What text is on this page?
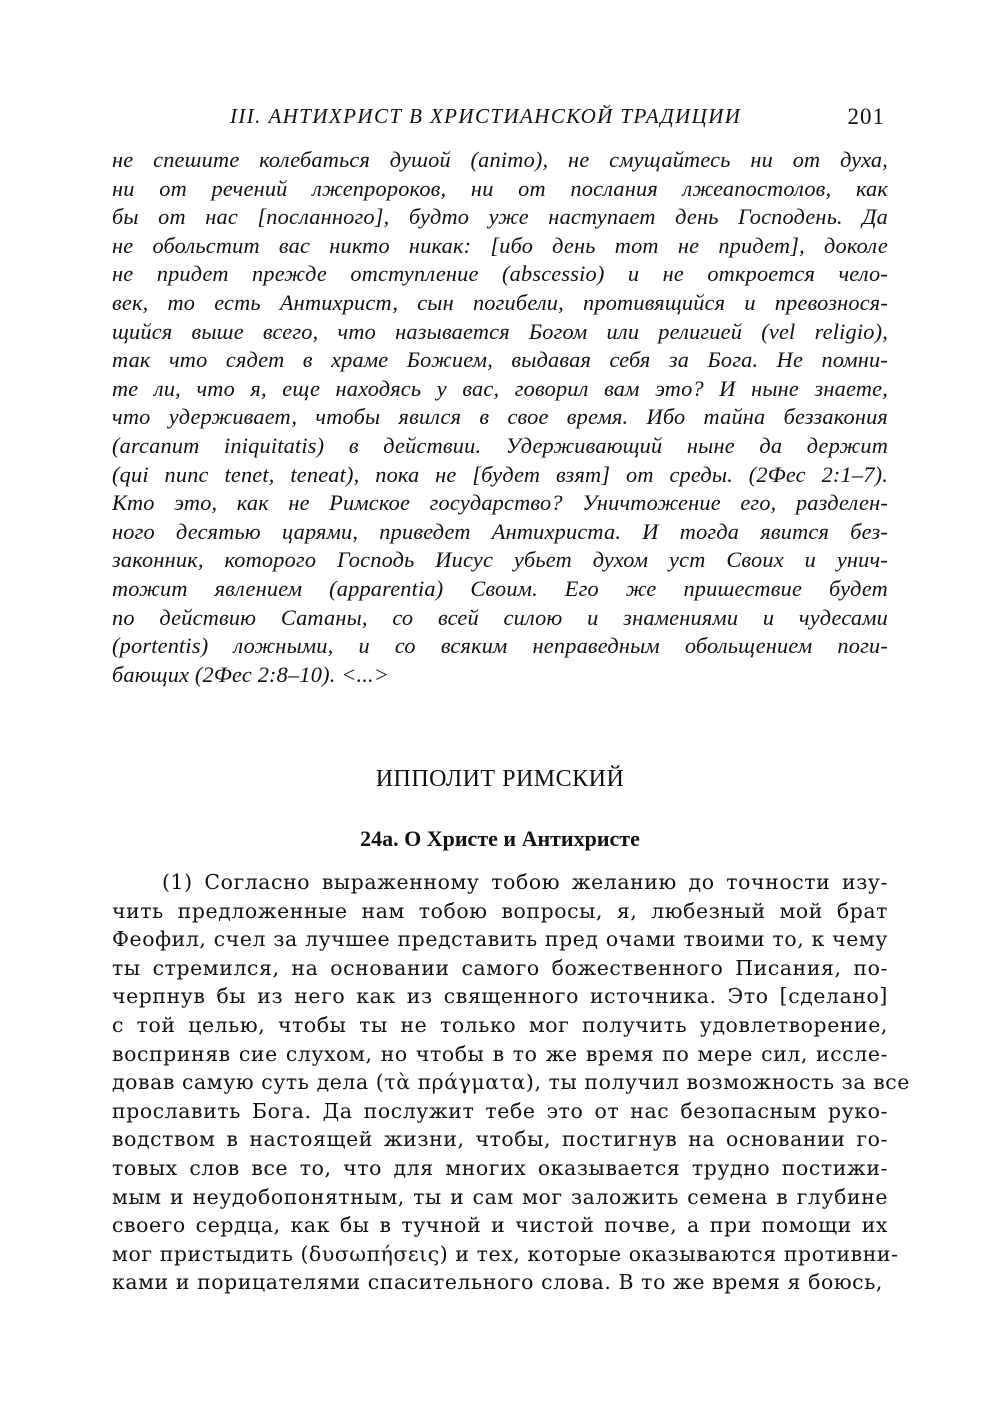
III. АНТИХРИСТ В ХРИСТИАНСКОЙ ТРАДИЦИИ	201
не спешите колебаться душой (animo), не смущайтесь ни от духа,
ни от речений лжепророков, ни от послания лжеапостолов, как
бы от нас [посланного], будто уже наступает день Господень. Да
не обольстит вас никто никак: [ибо день тот не придет], доколе
не придет прежде отступление (abscessio) и не откроется чело-
век, то есть Антихрист, сын погибели, противящийся и превознося-
щийся выше всего, что называется Богом или религией (vel religio),
так что сядет в храме Божием, выдавая себя за Бога. Не помни-
те ли, что я, еще находясь у вас, говорил вам это? И ныне знаете,
что удерживает, чтобы явился в свое время. Ибо тайна беззакония
(arcanum iniquitatis) в действии. Удерживающий ныне да держит
(qui nunc tenet, teneat), пока не [будет взят] от среды. (2Фес 2:1–7).
Кто это, как не Римское государство? Уничтожение его, разделен-
ного десятью царями, приведет Антихриста. И тогда явится без-
законник, которого Господь Иисус убьет духом уст Своих и унич-
тожит явлением (apparentia) Своим. Его же пришествие будет
по действию Сатаны, со всей силою и знамениями и чудесами
(portentis) ложными, и со всяким неправедным обольщением поги-
бающих (2Фес 2:8–10). <...>
ИППОЛИТ РИМСКИЙ
24а. О Христе и Антихристе
(1) Согласно выраженному тобою желанию до точности изу-
чить предложенные нам тобою вопросы, я, любезный мой брат
Феофил, счел за лучшее представить пред очами твоими то, к чему
ты стремился, на основании самого божественного Писания, по-
черпнув бы из него как из священного источника. Это [сделано]
с той целью, чтобы ты не только мог получить удовлетворение,
восприняв сие слухом, но чтобы в то же время по мере сил, иссле-
довав самую суть дела (τὰ πράγματα), ты получил возможность за все
прославить Бога. Да послужит тебе это от нас безопасным руко-
водством в настоящей жизни, чтобы, постигнув на основании го-
товых слов все то, что для многих оказывается трудно постижи-
мым и неудобопонятным, ты и сам мог заложить семена в глубине
своего сердца, как бы в тучной и чистой почве, а при помощи их
мог пристыдить (δυσωπήσεις) и тех, которые оказываются противни-
ками и порицателями спасительного слова. В то же время я боюсь,
